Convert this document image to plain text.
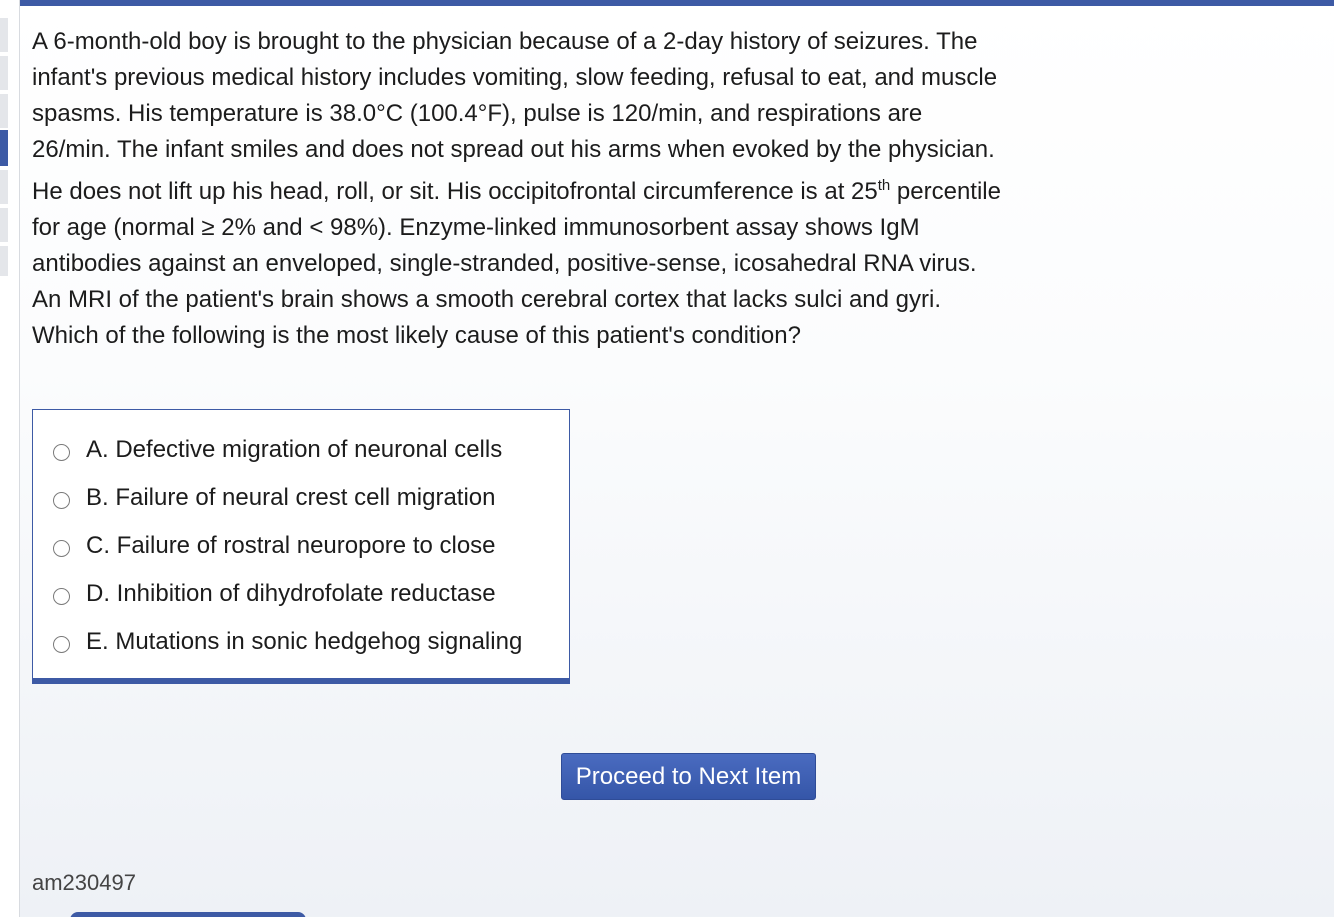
A 6-month-old boy is brought to the physician because of a 2-day history of seizures. The
infant's previous medical history includes vomiting, slow feeding, refusal to eat, and muscle
spasms. His temperature is 38.0°C (100.4°F), pulse is 120/min, and respirations are
26/min. The infant smiles and does not spread out his arms when evoked by the physician.
He does not lift up his head, roll, or sit. His occipitofrontal circumference is at 25th percentile
for age (normal ≥ 2% and < 98%). Enzyme-linked immunosorbent assay shows IgM
antibodies against an enveloped, single-stranded, positive-sense, icosahedral RNA virus.
An MRI of the patient's brain shows a smooth cerebral cortex that lacks sulci and gyri.
Which of the following is the most likely cause of this patient's condition?
A. Defective migration of neuronal cells
B. Failure of neural crest cell migration
C. Failure of rostral neuropore to close
D. Inhibition of dihydrofolate reductase
E. Mutations in sonic hedgehog signaling
Proceed to Next Item
am230497
